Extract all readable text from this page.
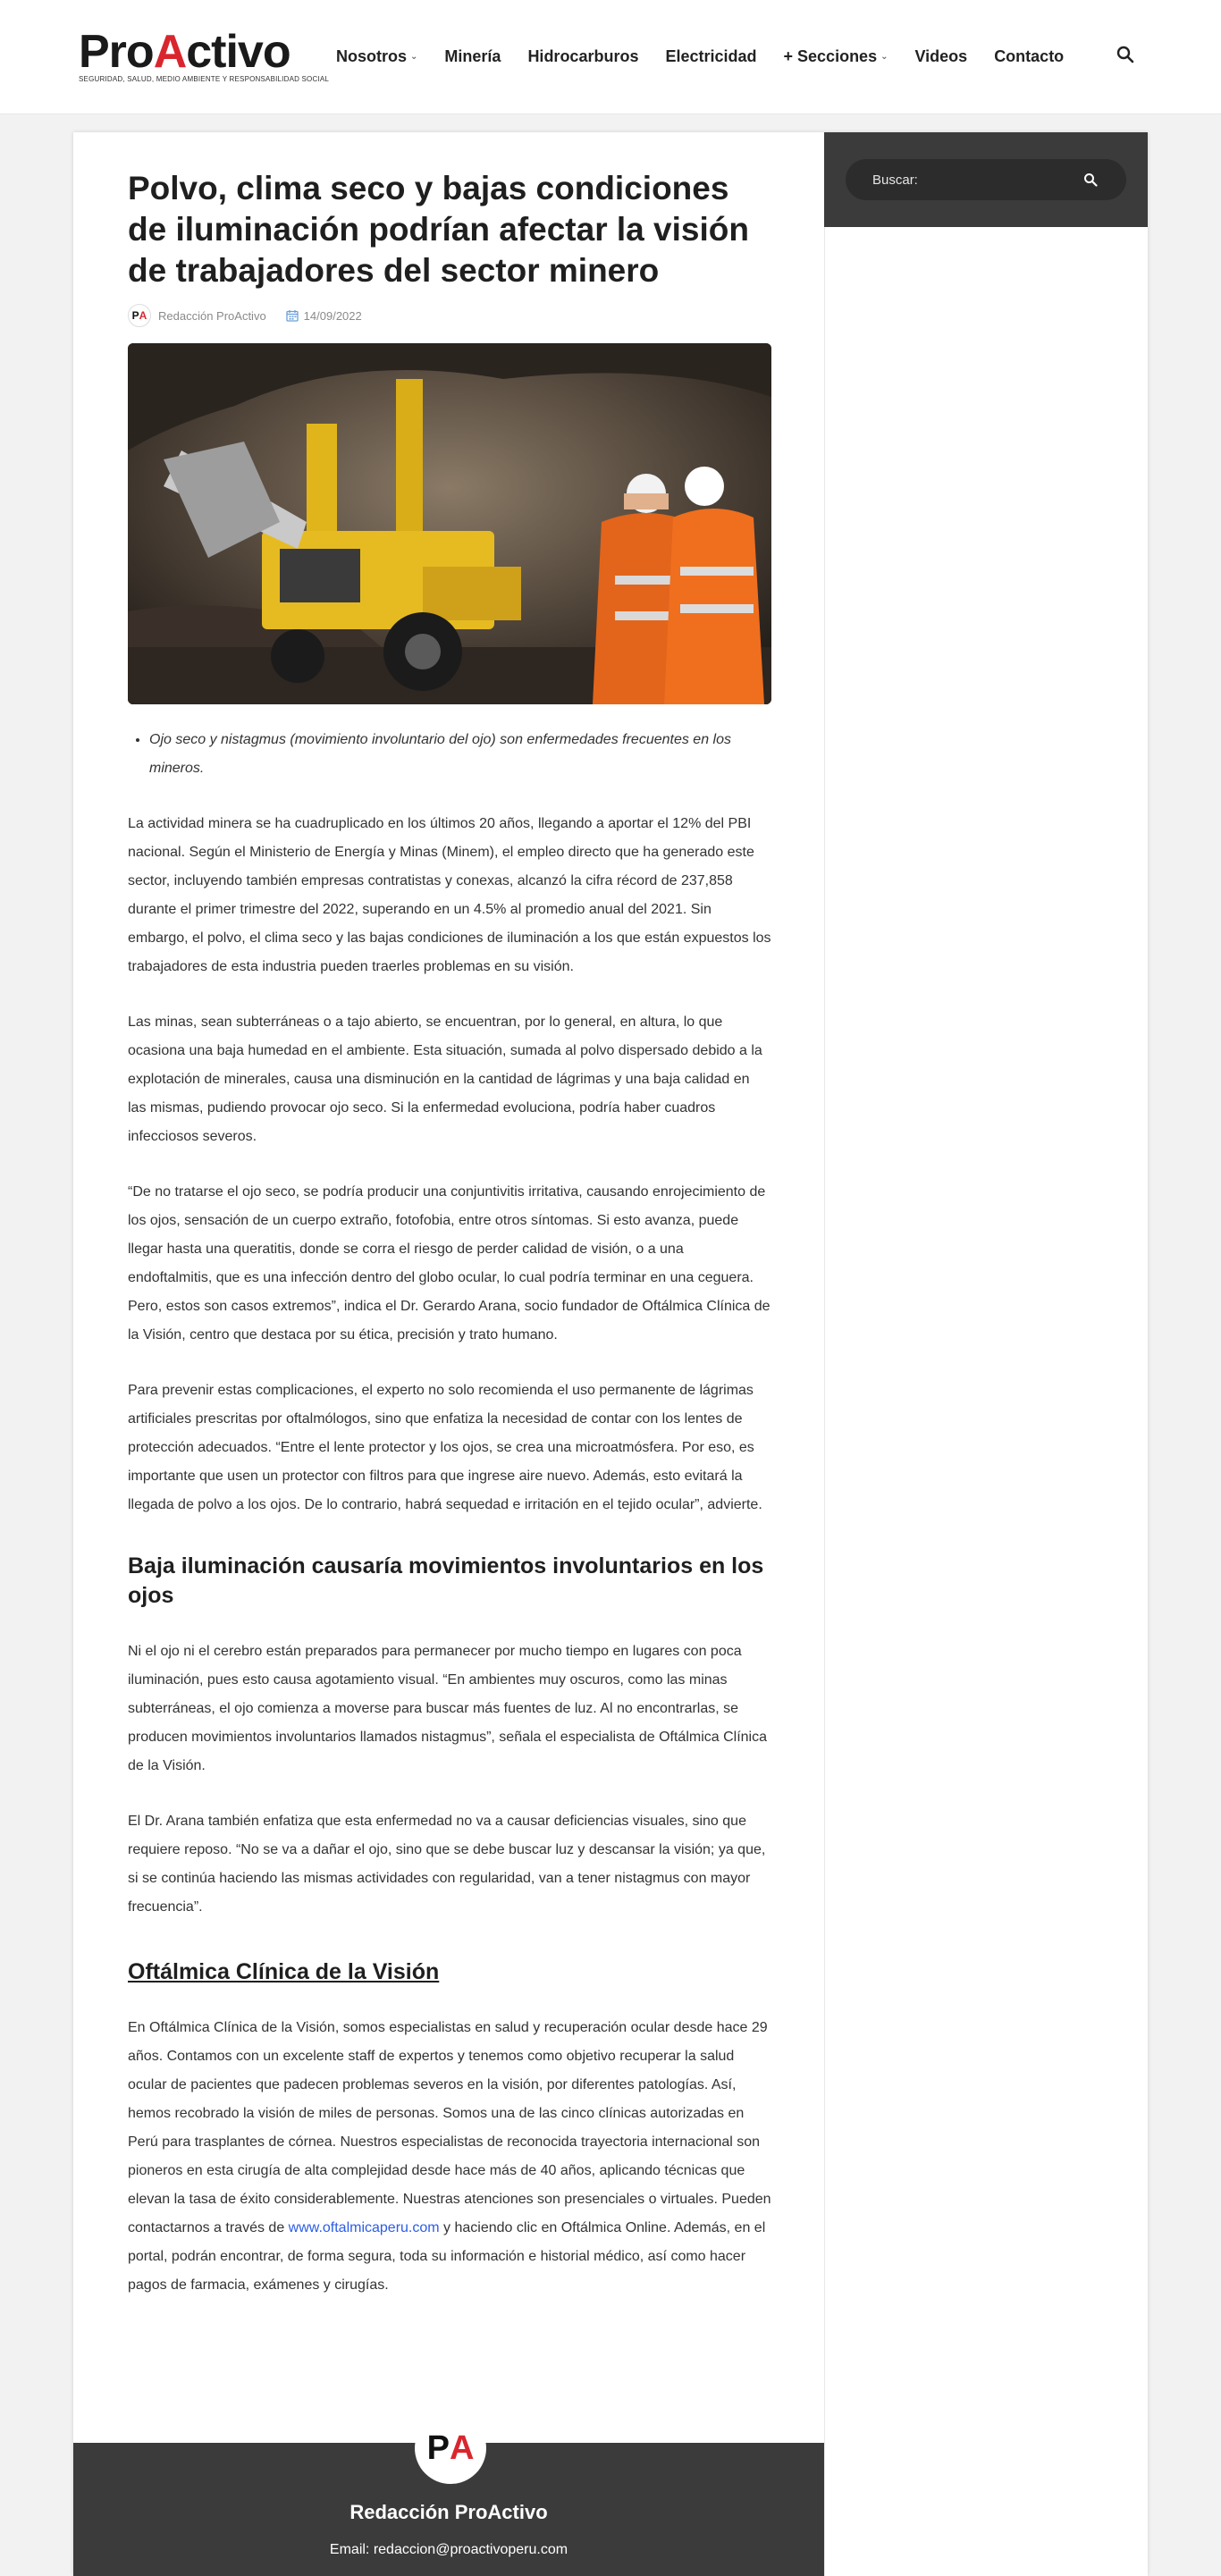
ProActivo
SEGURIDAD, SALUD, MEDIO AMBIENTE Y RESPONSABILIDAD SOCIAL
Nosotros ⌄ Minería Hidrocarburos Electricidad + Secciones ⌄ Videos Contacto
Buscar:
Polvo, clima seco y bajas condiciones de iluminación podrían afectar la visión de trabajadores del sector minero
P A Redacción ProActivo	14/09/2022
• Ojo seco y nistagmus (movimiento involuntario del ojo) son enfermedades frecuentes en los mineros.

La actividad minera se ha cuadruplicado en los últimos 20 años, llegando a aportar el 12% del PBI nacional. Según el Ministerio de Energía y Minas (Minem), el empleo directo que ha generado este sector, incluyendo también empresas contratistas y conexas, alcanzó la cifra récord de 237,858 durante el primer trimestre del 2022, superando en un 4.5% al promedio anual del 2021. Sin embargo, el polvo, el clima seco y las bajas condiciones de iluminación a los que están expuestos los trabajadores de esta industria pueden traerles problemas en su visión.

Las minas, sean subterráneas o a tajo abierto, se encuentran, por lo general, en altura, lo que ocasiona una baja humedad en el ambiente. Esta situación, sumada al polvo dispersado debido a la explotación de minerales, causa una disminución en la cantidad de lágrimas y una baja calidad en las mismas, pudiendo provocar ojo seco. Si la enfermedad evoluciona, podría haber cuadros infecciosos severos.

“De no tratarse el ojo seco, se podría producir una conjuntivitis irritativa, causando enrojecimiento de los ojos, sensación de un cuerpo extraño, fotofobia, entre otros síntomas. Si esto avanza, puede llegar hasta una queratitis, donde se corra el riesgo de perder calidad de visión, o a una endoftalmitis, que es una infección dentro del globo ocular, lo cual podría terminar en una ceguera. Pero, estos son casos extremos”, indica el Dr. Gerardo Arana, socio fundador de Oftálmica Clínica de la Visión, centro que destaca por su ética, precisión y trato humano.

Para prevenir estas complicaciones, el experto no solo recomienda el uso permanente de lágrimas artificiales prescritas por oftalmólogos, sino que enfatiza la necesidad de contar con los lentes de protección adecuados. “Entre el lente protector y los ojos, se crea una microatmósfera. Por eso, es importante que usen un protector con filtros para que ingrese aire nuevo. Además, esto evitará la llegada de polvo a los ojos. De lo contrario, habrá sequedad e irritación en el tejido ocular”, advierte.

Baja iluminación causaría movimientos involuntarios en los ojos

Ni el ojo ni el cerebro están preparados para permanecer por mucho tiempo en lugares con poca iluminación, pues esto causa agotamiento visual. “En ambientes muy oscuros, como las minas subterráneas, el ojo comienza a moverse para buscar más fuentes de luz. Al no encontrarlas, se producen movimientos involuntarios llamados nistagmus”, señala el especialista de Oftálmica Clínica de la Visión.

El Dr. Arana también enfatiza que esta enfermedad no va a causar deficiencias visuales, sino que requiere reposo. “No se va a dañar el ojo, sino que se debe buscar luz y descansar la visión; ya que, si se continúa haciendo las mismas actividades con regularidad, van a tener nistagmus con mayor frecuencia”.

Oftálmica Clínica de la Visión

En Oftálmica Clínica de la Visión, somos especialistas en salud y recuperación ocular desde hace 29 años. Contamos con un excelente staff de expertos y tenemos como objetivo recuperar la salud ocular de pacientes que padecen problemas severos en la visión, por diferentes patologías. Así, hemos recobrado la visión de miles de personas. Somos una de las cinco clínicas autorizadas en Perú para trasplantes de córnea. Nuestros especialistas de reconocida trayectoria internacional son pioneros en esta cirugía de alta complejidad desde hace más de 40 años, aplicando técnicas que elevan la tasa de éxito considerablemente. Nuestras atenciones son presenciales o virtuales. Pueden contactarnos a través de www.oftalmicaperu.com y haciendo clic en Oftálmica Online. Además, en el portal, podrán encontrar, de forma segura, toda su información e historial médico, así como hacer pagos de farmacia, exámenes y cirugías.

P A
Redacción ProActivo
Email: redaccion@proactivoperu.com
